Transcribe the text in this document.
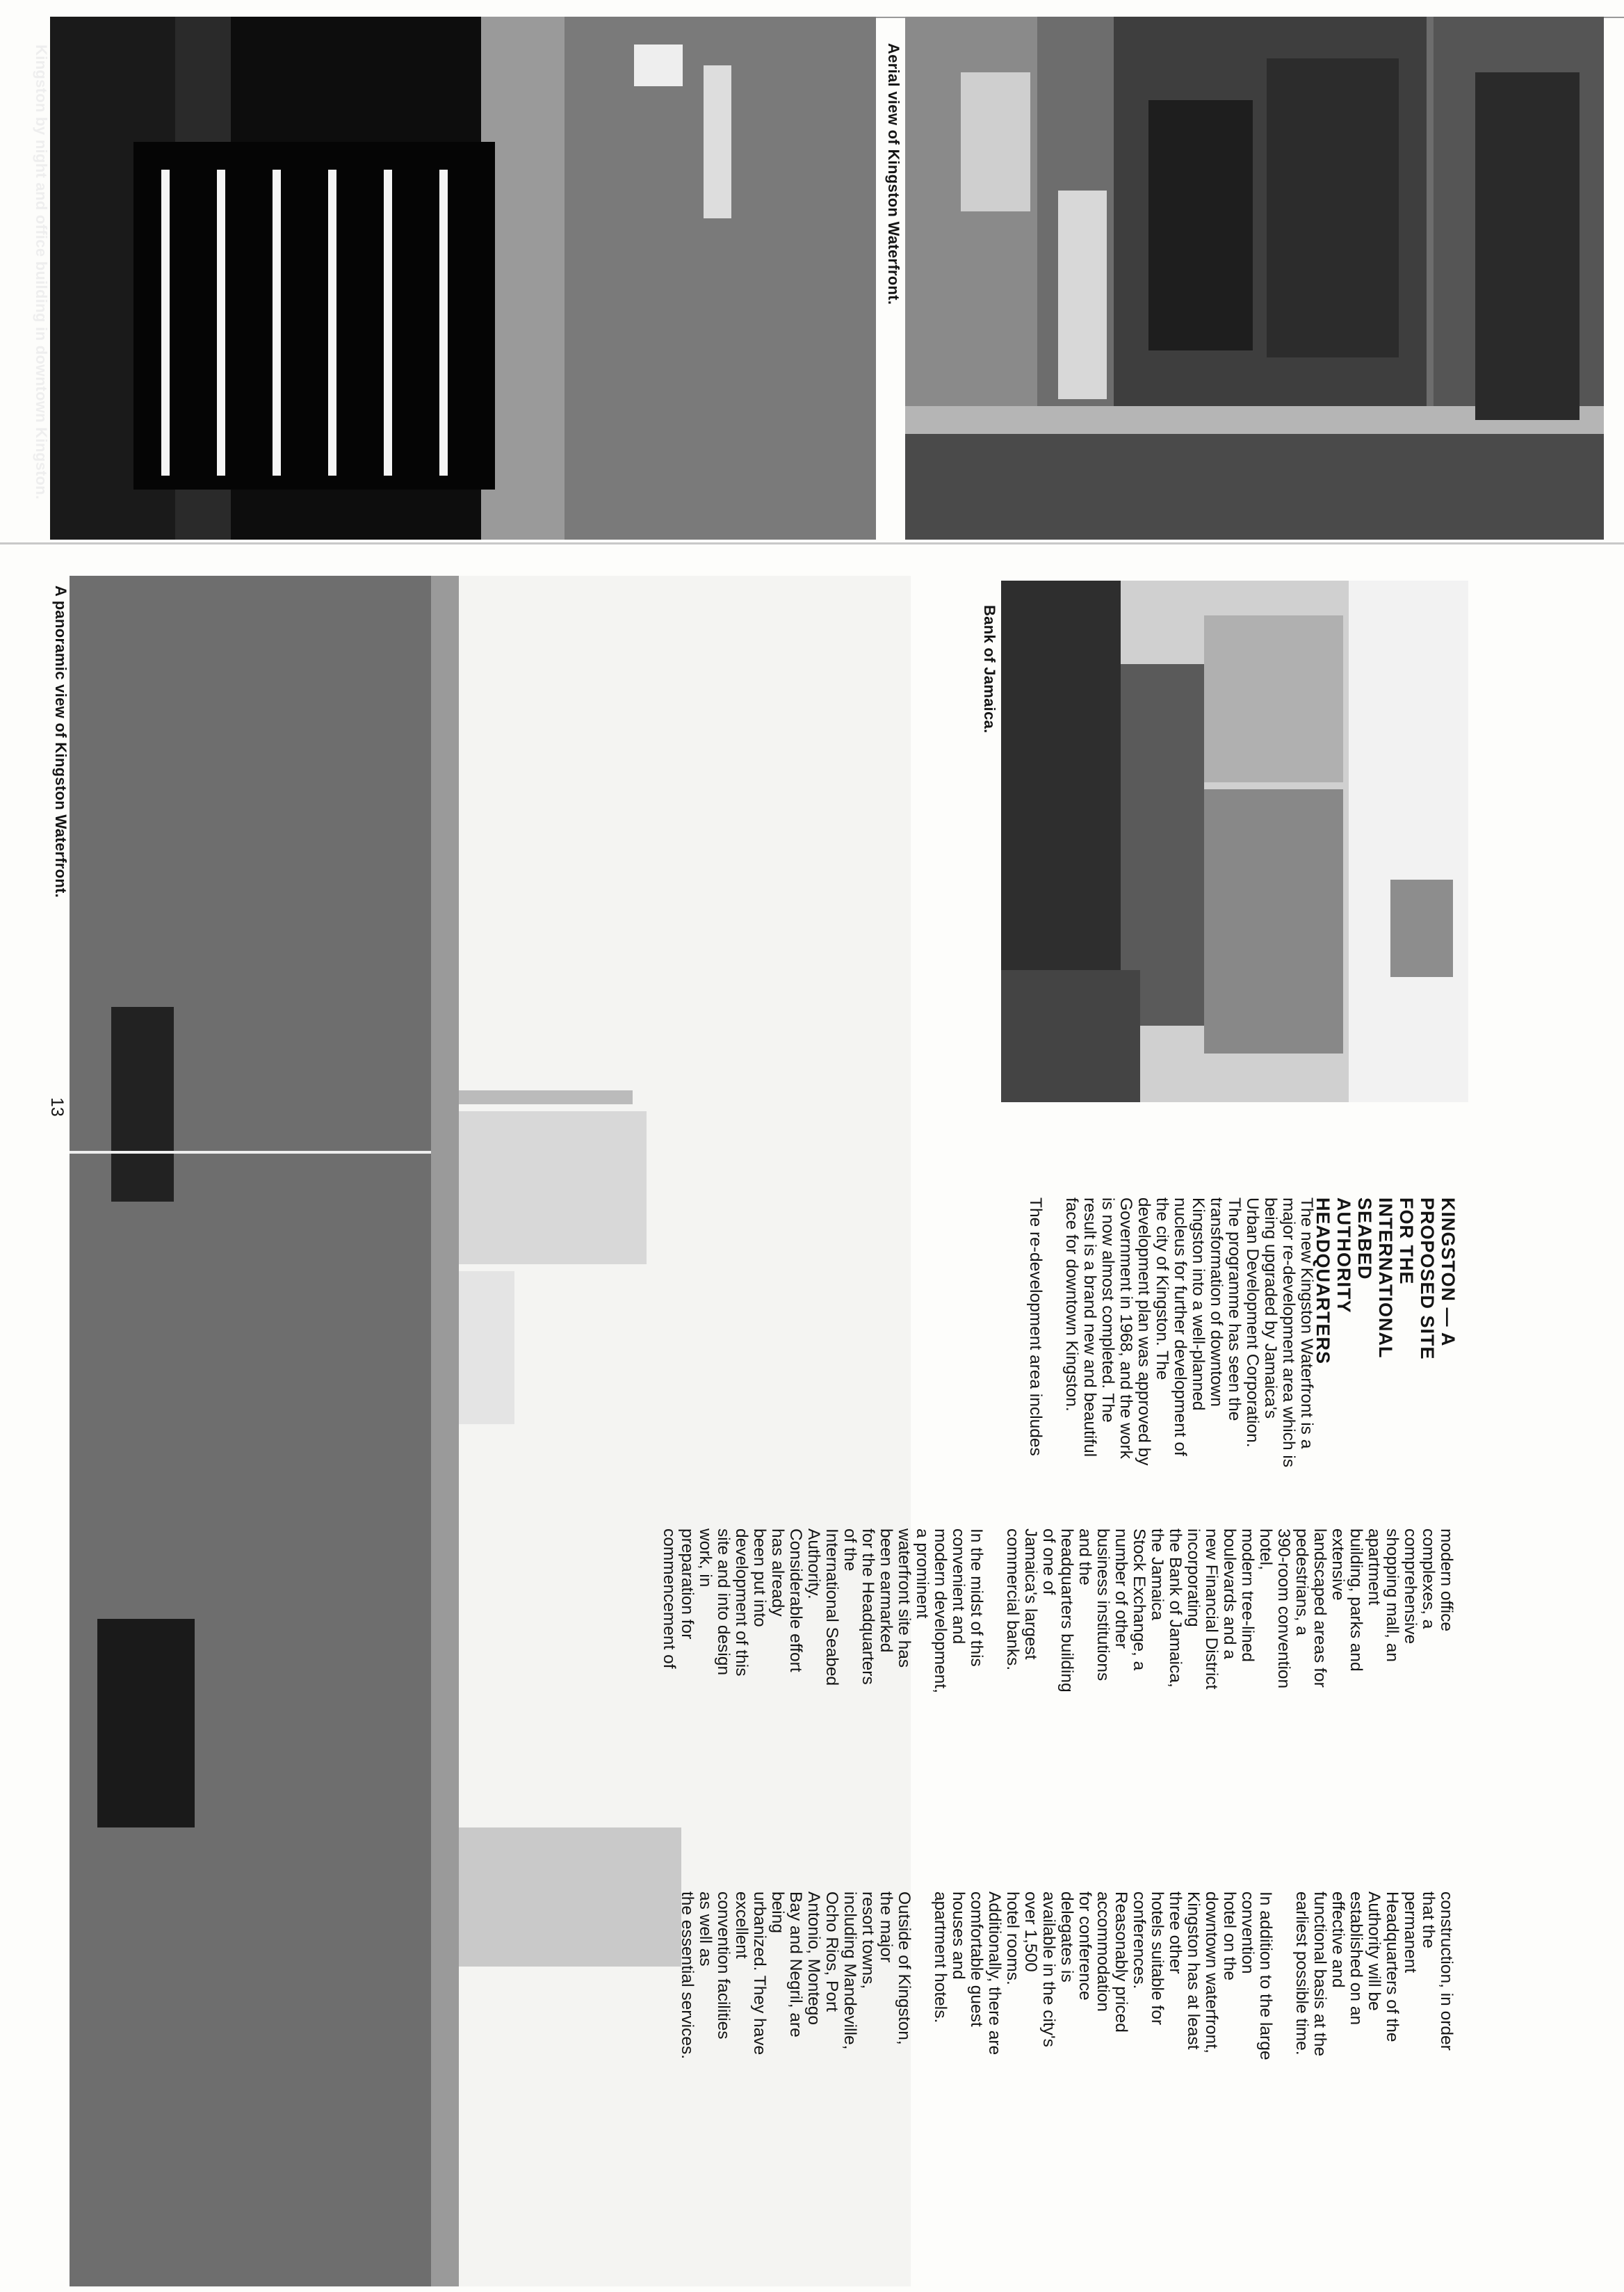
Aerial view of Kingston Waterfront.
Kingston by night and office building in downtown Kingston.
Bank of Jamaica.
A panoramic view of Kingston Waterfront.
13
KINGSTON — A PROPOSED SITE
FOR THE INTERNATIONAL
SEABED AUTHORITY
HEADQUARTERS
The new Kingston Waterfront is a
major re-development area which is
being upgraded by Jamaica's
Urban Development Corporation.
The programme has seen the
transformation of downtown
Kingston into a well-planned
nucleus for further development of
the city of Kingston. The
development plan was approved by
Government in 1968, and the work
is now almost completed. The
result is a brand new and beautiful
face for downtown Kingston.

The re-development area includes
modern office
complexes, a comprehensive
shopping mall, an apartment
building, parks and extensive
landscaped areas for pedestrians, a
390-room convention hotel,
modern tree-lined boulevards and a
new Financial District incorporating
the Bank of Jamaica, the Jamaica
Stock Exchange, a number of other
business institutions and the
headquarters building of one of
Jamaica's largest commercial banks.

In the midst of this convenient and
modern development, a prominent
waterfront site has been earmarked
for the Headquarters of the
International Seabed Authority.
Considerable effort has already
been put into development of this
site and into design work, in
preparation for commencement of
construction, in order that the
permanent Headquarters of the
Authority will be established on an
effective and functional basis at the
earliest possible time.

In addition to the large convention
hotel on the downtown waterfront,
Kingston has at least three other
hotels suitable for conferences.
Reasonably priced accommodation
for conference delegates is
available in the city's over 1,500
hotel rooms. Additionally, there are
comfortable guest houses and
apartment hotels.

Outside of Kingston, the major
resort towns, including Mandeville,
Ocho Rios, Port Antonio, Montego
Bay and Negril, are being
urbanized. They have excellent
convention facilities as well as
the essential services.
